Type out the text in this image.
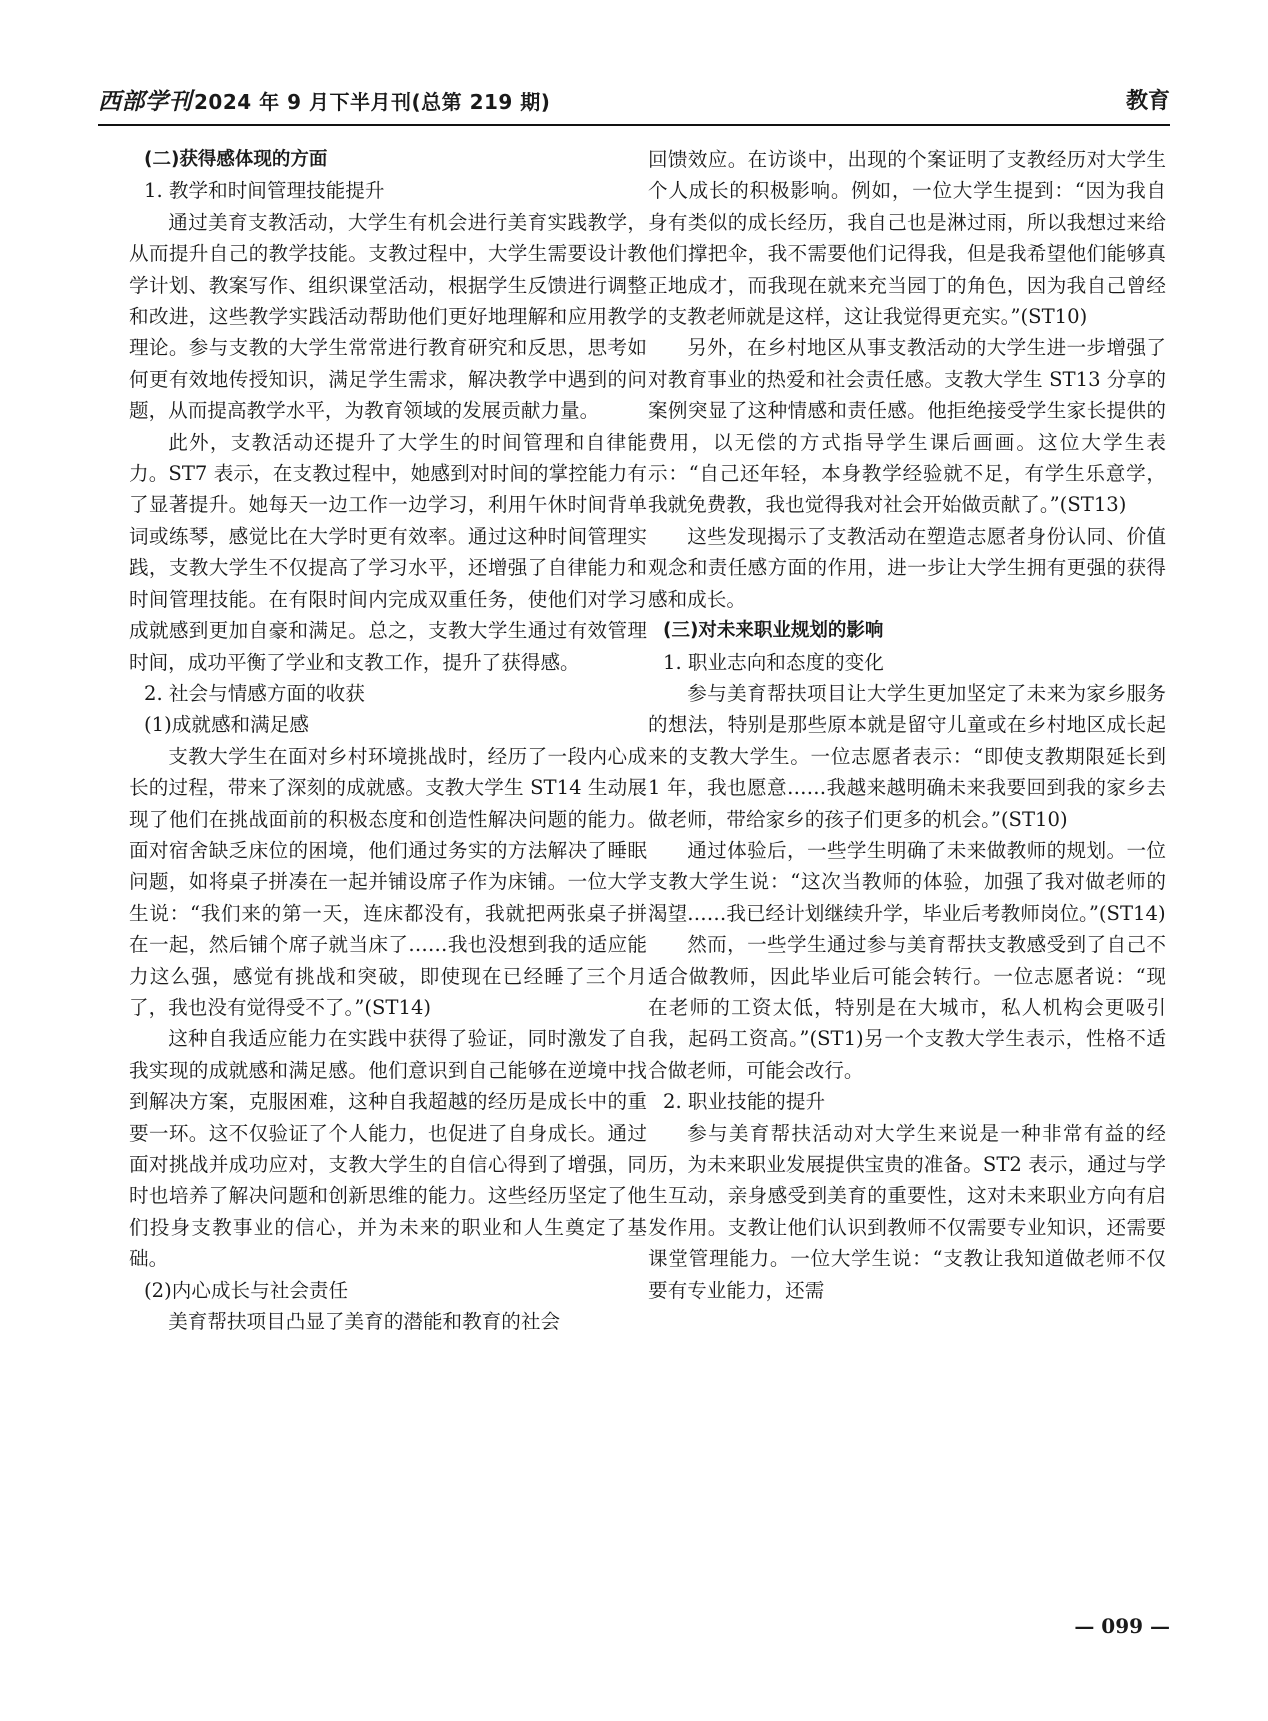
西部学刊 2024 年 9 月下半月刊(总第 219 期)	教育

(二)获得感体现的方面

1. 教学和时间管理技能提升

通过美育支教活动，大学生有机会进行美育实践教学，从而提升自己的教学技能。支教过程中，大学生需要设计教学计划、教案写作、组织课堂活动，根据学生反馈进行调整和改进，这些教学实践活动帮助他们更好地理解和应用教学理论。参与支教的大学生常常进行教育研究和反思，思考如何更有效地传授知识，满足学生需求，解决教学中遇到的问题，从而提高教学水平，为教育领域的发展贡献力量。

此外，支教活动还提升了大学生的时间管理和自律能力。ST7 表示，在支教过程中，她感到对时间的掌控能力有了显著提升。她每天一边工作一边学习，利用午休时间背单词或练琴，感觉比在大学时更有效率。通过这种时间管理实践，支教大学生不仅提高了学习水平，还增强了自律能力和时间管理技能。在有限时间内完成双重任务，使他们对学习成就感到更加自豪和满足。总之，支教大学生通过有效管理时间，成功平衡了学业和支教工作，提升了获得感。

2. 社会与情感方面的收获

(1)成就感和满足感

支教大学生在面对乡村环境挑战时，经历了一段内心成长的过程，带来了深刻的成就感。支教大学生 ST14 生动展现了他们在挑战面前的积极态度和创造性解决问题的能力。面对宿舍缺乏床位的困境，他们通过务实的方法解决了睡眠问题，如将桌子拼凑在一起并铺设席子作为床铺。一位大学生说：“我们来的第一天，连床都没有，我就把两张桌子拼在一起，然后铺个席子就当床了……我也没想到我的适应能力这么强，感觉有挑战和突破，即使现在已经睡了三个月了，我也没有觉得受不了。”(ST14)

这种自我适应能力在实践中获得了验证，同时激发了自我实现的成就感和满足感。他们意识到自己能够在逆境中找到解决方案，克服困难，这种自我超越的经历是成长中的重要一环。这不仅验证了个人能力，也促进了自身成长。通过面对挑战并成功应对，支教大学生的自信心得到了增强，同时也培养了解决问题和创新思维的能力。这些经历坚定了他们投身支教事业的信心，并为未来的职业和人生奠定了基础。

(2)内心成长与社会责任

美育帮扶项目凸显了美育的潜能和教育的社会

回馈效应。在访谈中，出现的个案证明了支教经历对大学生个人成长的积极影响。例如，一位大学生提到：“因为我自身有类似的成长经历，我自己也是淋过雨，所以我想过来给他们撑把伞，我不需要他们记得我，但是我希望他们能够真正地成才，而我现在就来充当园丁的角色，因为我自己曾经的支教老师就是这样，这让我觉得更充实。”(ST10)

另外，在乡村地区从事支教活动的大学生进一步增强了对教育事业的热爱和社会责任感。支教大学生 ST13 分享的案例突显了这种情感和责任感。他拒绝接受学生家长提供的费用，以无偿的方式指导学生课后画画。这位大学生表示：“自己还年轻，本身教学经验就不足，有学生乐意学，我就免费教，我也觉得我对社会开始做贡献了。”(ST13)

这些发现揭示了支教活动在塑造志愿者身份认同、价值观念和责任感方面的作用，进一步让大学生拥有更强的获得感和成长。

(三)对未来职业规划的影响

1. 职业志向和态度的变化

参与美育帮扶项目让大学生更加坚定了未来为家乡服务的想法，特别是那些原本就是留守儿童或在乡村地区成长起来的支教大学生。一位志愿者表示：“即使支教期限延长到 1 年，我也愿意……我越来越明确未来我要回到我的家乡去做老师，带给家乡的孩子们更多的机会。”(ST10)

通过体验后，一些学生明确了未来做教师的规划。一位支教大学生说：“这次当教师的体验，加强了我对做老师的渴望……我已经计划继续升学，毕业后考教师岗位。”(ST14)

然而，一些学生通过参与美育帮扶支教感受到了自己不适合做教师，因此毕业后可能会转行。一位志愿者说：“现在老师的工资太低，特别是在大城市，私人机构会更吸引我，起码工资高。”(ST1)另一个支教大学生表示，性格不适合做老师，可能会改行。

2. 职业技能的提升

参与美育帮扶活动对大学生来说是一种非常有益的经历，为未来职业发展提供宝贵的准备。ST2 表示，通过与学生互动，亲身感受到美育的重要性，这对未来职业方向有启发作用。支教让他们认识到教师不仅需要专业知识，还需要课堂管理能力。一位大学生说：“支教让我知道做老师不仅要有专业能力，还需

— 099 —
